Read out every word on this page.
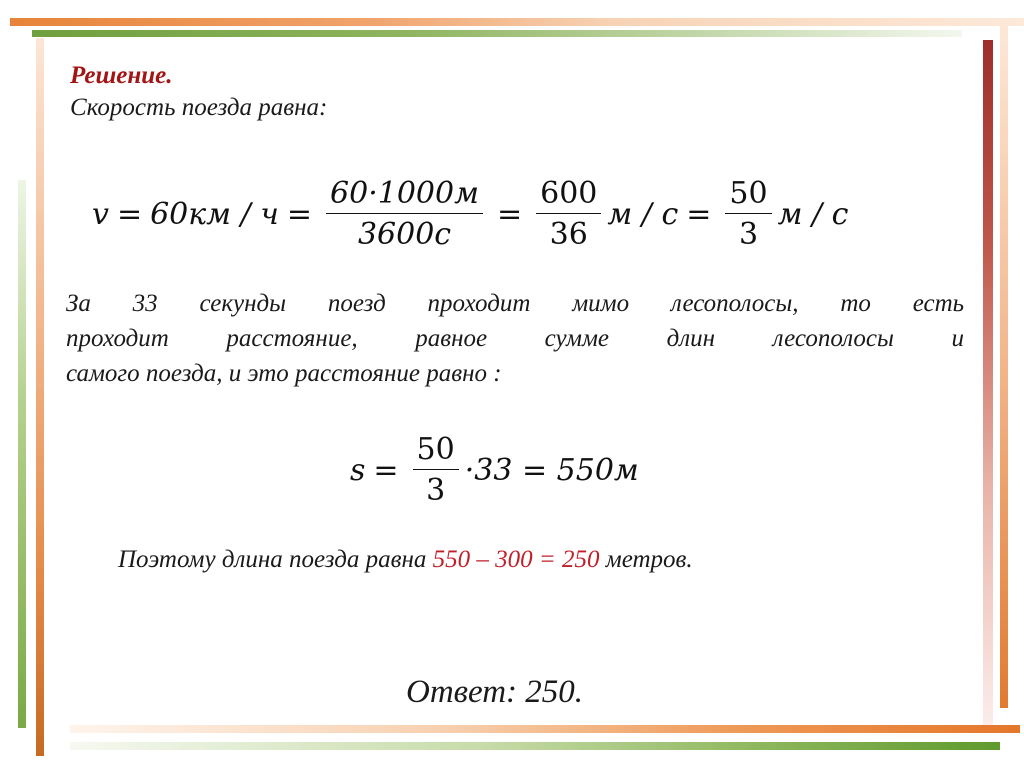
Решение.

Скорость поезда равна:

$v = 60км / ч = \frac{60\cdot 1000м}{3600с} = \frac{600}{36}$ $м / с = \frac{50}{3}$ м / с

За 33 секунды поезд проходит мимо лесополосы, то есть
проходит расстояние, равное сумме длин лесополосы и
самого поезда, и это расстояние равно :

$s = \frac{50}{3} \cdot 33 = 550м$

Поэтому длина поезда равна 550 – 300 = 250 метров.

Ответ: 250.
